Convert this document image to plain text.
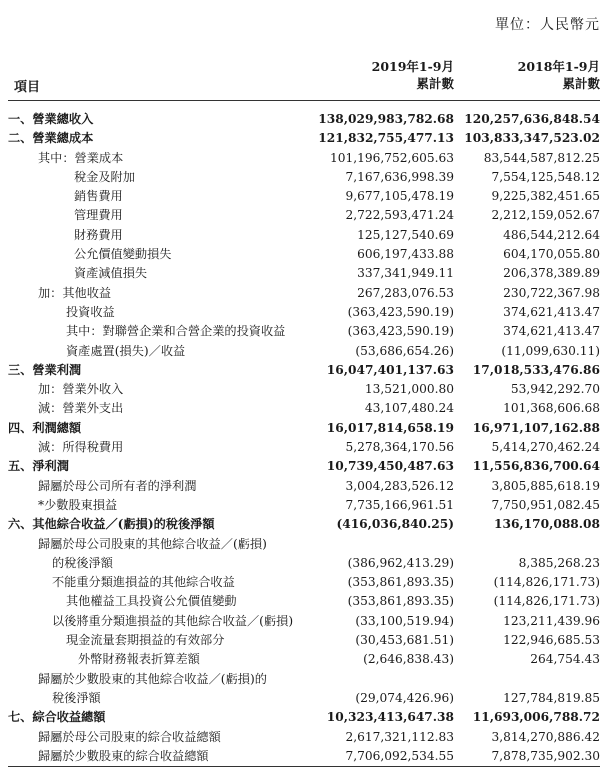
單位：人民幣元
2019年1-9月
累計數
2018年1-9月
累計數
項目
一、營業總收入	138,029,983,782.68 120,257,636,848.54
二、營業總成本	121,832,755,477.13 103,833,347,523.02
其中：營業成本	101,196,752,605.63 83,544,587,812.25
稅金及附加	7,167,636,998.39	7,554,125,548.12
銷售費用	9,677,105,478.19	9,225,382,451.65
管理費用	2,722,593,471.24	2,212,159,052.67
財務費用	125,127,540.69	486,544,212.64
公允價值變動損失	606,197,433.88	604,170,055.80
資產減值損失	337,341,949.11	206,378,389.89
加：其他收益	267,283,076.53	230,722,367.98
投資收益	(363,423,590.19)	374,621,413.47
其中：對聯營企業和合營企業的投資收益	(363,423,590.19)	374,621,413.47
資產處置(損失)／收益	(53,686,654.26)	(11,099,630.11)
三、營業利潤	16,047,401,137.63 17,018,533,476.86
加：營業外收入	13,521,000.80	53,942,292.70
減：營業外支出	43,107,480.24	101,368,606.68
四、利潤總額	16,017,814,658.19 16,971,107,162.88
減：所得稅費用	5,278,364,170.56	5,414,270,462.24
五、淨利潤	10,739,450,487.63 11,556,836,700.64
歸屬於母公司所有者的淨利潤	3,004,283,526.12	3,805,885,618.19
*少數股東損益	7,735,166,961.51	7,750,951,082.45
六、其他綜合收益／(虧損)的稅後淨額	(416,036,840.25)	136,170,088.08
歸屬於母公司股東的其他綜合收益／(虧損)
的稅後淨額	(386,962,413.29)	8,385,268.23
不能重分類進損益的其他綜合收益	(353,861,893.35)	(114,826,171.73)
其他權益工具投資公允價值變動	(353,861,893.35)	(114,826,171.73)
以後將重分類進損益的其他綜合收益／(虧損)	(33,100,519.94)	123,211,439.96
現金流量套期損益的有效部分	(30,453,681.51)	122,946,685.53
外幣財務報表折算差額	(2,646,838.43)	264,754.43
歸屬於少數股東的其他綜合收益／(虧損)的
稅後淨額	(29,074,426.96)	127,784,819.85
七、綜合收益總額	10,323,413,647.38 11,693,006,788.72
歸屬於母公司股東的綜合收益總額	2,617,321,112.83	3,814,270,886.42
歸屬於少數股東的綜合收益總額	7,706,092,534.55	7,878,735,902.30
